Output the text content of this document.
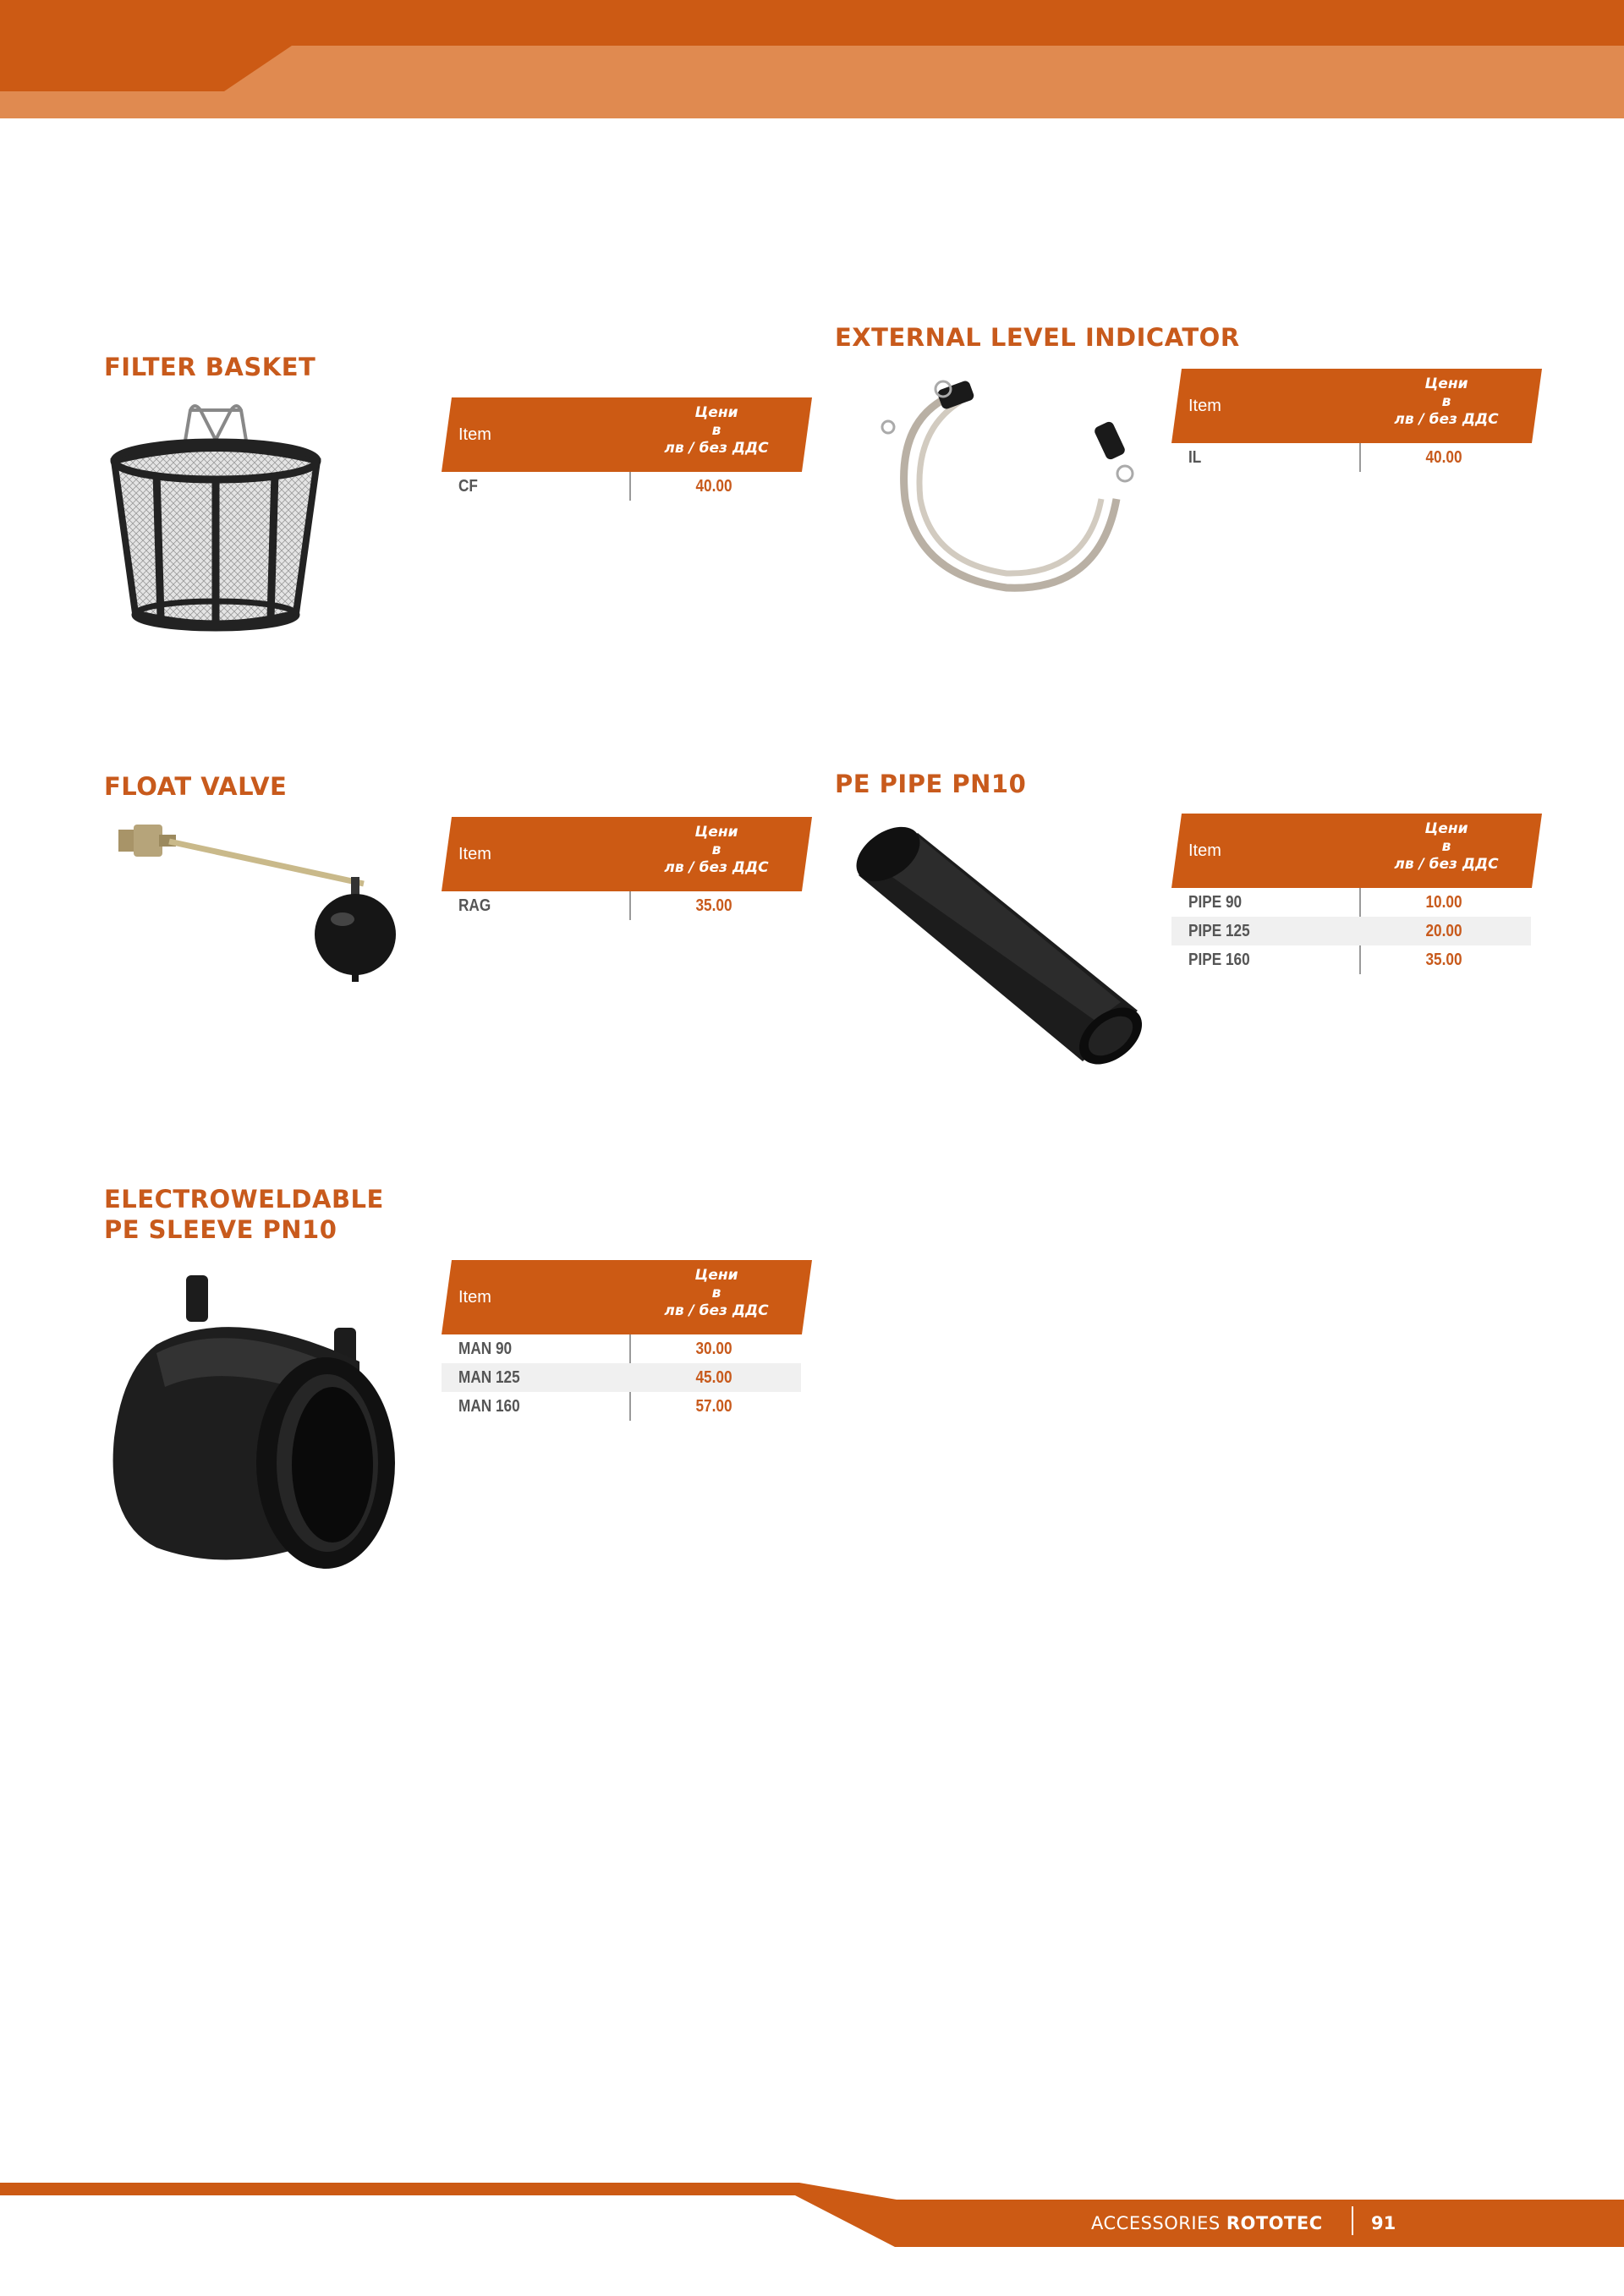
FILTER BASKET
Item
Цени
в
лв / без ДДС
CF	40.00
EXTERNAL LEVEL INDICATOR
Item
Цени
в
лв / без ДДС
IL	40.00
FLOAT VALVE
Item
Цени
в
лв / без ДДС
RAG	35.00
PE PIPE PN10
Item
Цени
в
лв / без ДДС
PIPE 90	10.00
PIPE 125	20.00
PIPE 160	35.00
ELECTROWELDABLE
PE SLEEVE PN10
Item
Цени
в
лв / без ДДС
MAN 90	30.00
MAN 125	45.00
MAN 160	57.00
ACCESSORIES ROTOTEC	91
